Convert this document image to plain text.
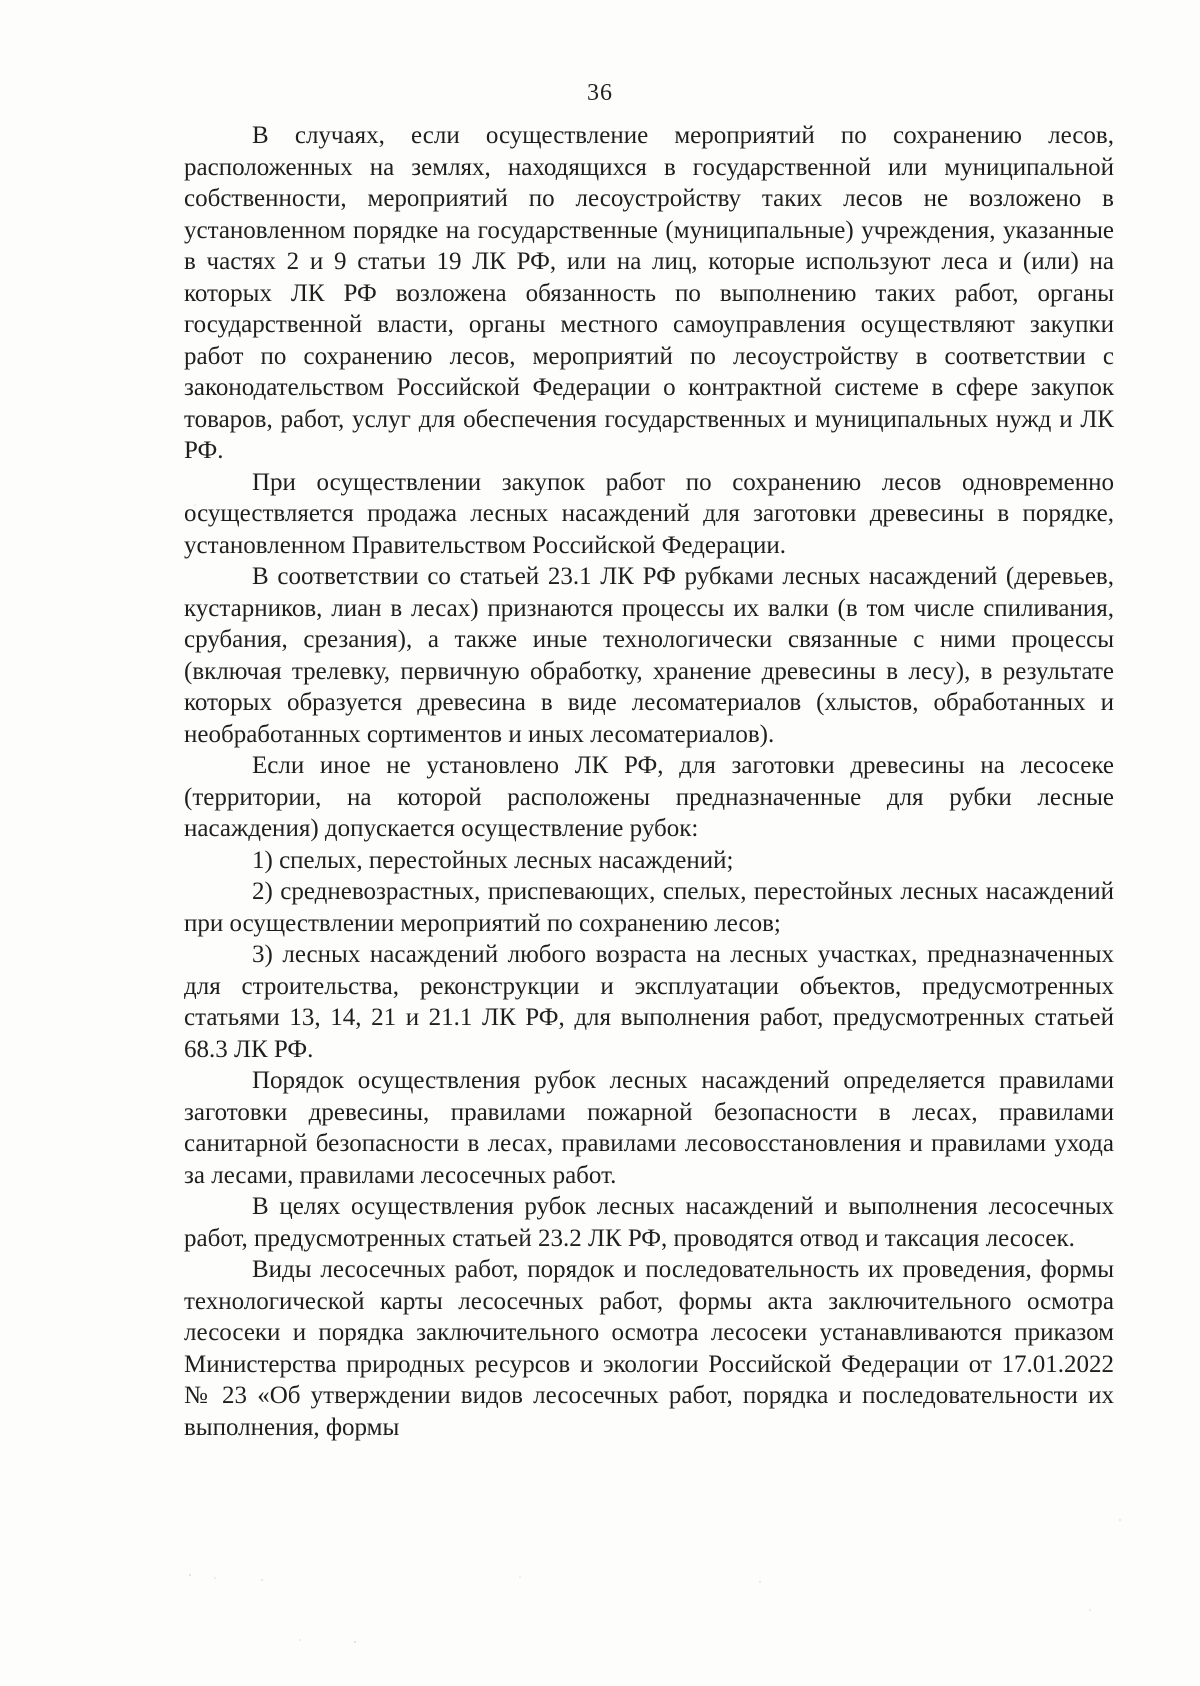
36

В случаях, если осуществление мероприятий по сохранению лесов, расположенных на землях, находящихся в государственной или муниципальной собственности, мероприятий по лесоустройству таких лесов не возложено в установленном порядке на государственные (муниципальные) учреждения, указанные в частях 2 и 9 статьи 19 ЛК РФ, или на лиц, которые используют леса и (или) на которых ЛК РФ возложена обязанность по выполнению таких работ, органы государственной власти, органы местного самоуправления осуществляют закупки работ по сохранению лесов, мероприятий по лесоустройству в соответствии с законодательством Российской Федерации о контрактной системе в сфере закупок товаров, работ, услуг для обеспечения государственных и муниципальных нужд и ЛК РФ.

При осуществлении закупок работ по сохранению лесов одновременно осуществляется продажа лесных насаждений для заготовки древесины в порядке, установленном Правительством Российской Федерации.

В соответствии со статьей 23.1 ЛК РФ рубками лесных насаждений (деревьев, кустарников, лиан в лесах) признаются процессы их валки (в том числе спиливания, срубания, срезания), а также иные технологически связанные с ними процессы (включая трелевку, первичную обработку, хранение древесины в лесу), в результате которых образуется древесина в виде лесоматериалов (хлыстов, обработанных и необработанных сортиментов и иных лесоматериалов).

Если иное не установлено ЛК РФ, для заготовки древесины на лесосеке (территории, на которой расположены предназначенные для рубки лесные насаждения) допускается осуществление рубок:

1) спелых, перестойных лесных насаждений;

2) средневозрастных, приспевающих, спелых, перестойных лесных насаждений при осуществлении мероприятий по сохранению лесов;

3) лесных насаждений любого возраста на лесных участках, предназначенных для строительства, реконструкции и эксплуатации объектов, предусмотренных статьями 13, 14, 21 и 21.1 ЛК РФ, для выполнения работ, предусмотренных статьей 68.3 ЛК РФ.

Порядок осуществления рубок лесных насаждений определяется правилами заготовки древесины, правилами пожарной безопасности в лесах, правилами санитарной безопасности в лесах, правилами лесовосстановления и правилами ухода за лесами, правилами лесосечных работ.

В целях осуществления рубок лесных насаждений и выполнения лесосечных работ, предусмотренных статьей 23.2 ЛК РФ, проводятся отвод и таксация лесосек.

Виды лесосечных работ, порядок и последовательность их проведения, формы технологической карты лесосечных работ, формы акта заключительного осмотра лесосеки и порядка заключительного осмотра лесосеки устанавливаются приказом Министерства природных ресурсов и экологии Российской Федерации от 17.01.2022 № 23 «Об утверждении видов лесосечных работ, порядка и последовательности их выполнения, формы
